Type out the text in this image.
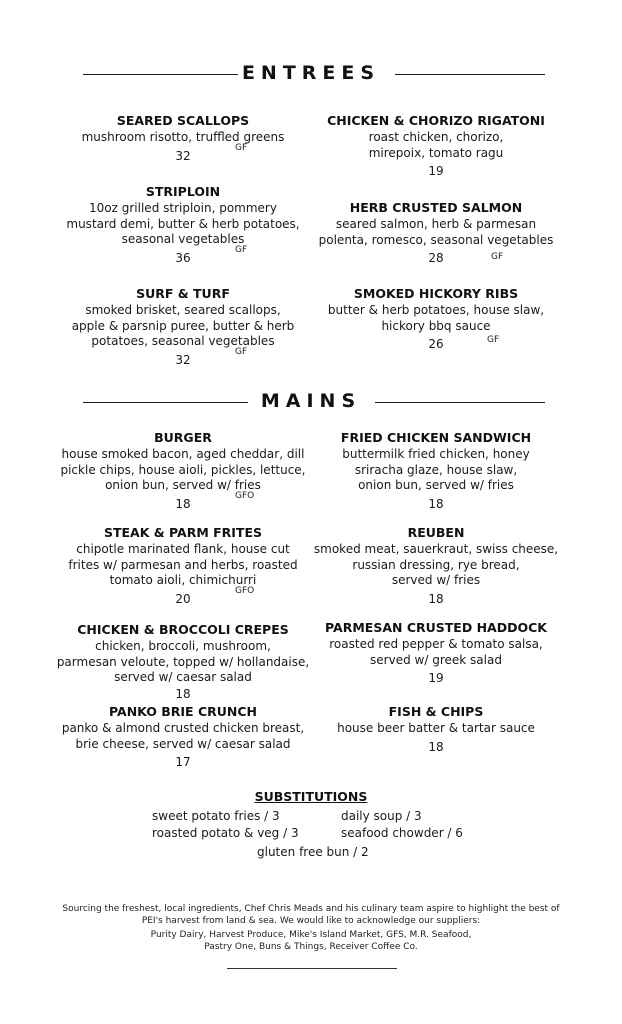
ENTREES
SEARED SCALLOPS
mushroom risotto, truffled greens
32
GF
CHICKEN & CHORIZO RIGATONI
roast chicken, chorizo,
mirepoix, tomato ragu
19
STRIPLOIN
10oz grilled striploin, pommery
mustard demi, butter & herb potatoes,
seasonal vegetables
36
GF
HERB CRUSTED SALMON
seared salmon, herb & parmesan
polenta, romesco, seasonal vegetables
28	GF
SURF & TURF
smoked brisket, seared scallops,
apple & parsnip puree, butter & herb
potatoes, seasonal vegetables
32
GF
SMOKED HICKORY RIBS
butter & herb potatoes, house slaw,
hickory bbq sauce
26	GF
MAINS
BURGER
house smoked bacon, aged cheddar, dill
pickle chips, house aioli, pickles, lettuce,
onion bun, served w/ fries
18
GFO
FRIED CHICKEN SANDWICH
buttermilk fried chicken, honey
sriracha glaze, house slaw,
onion bun, served w/ fries
18
STEAK & PARM FRITES
chipotle marinated flank, house cut
frites w/ parmesan and herbs, roasted
tomato aioli, chimichurri
20
GFO
REUBEN
smoked meat, sauerkraut, swiss cheese,
russian dressing, rye bread,
served w/ fries
18
CHICKEN & BROCCOLI CREPES
chicken, broccoli, mushroom,
parmesan veloute, topped w/ hollandaise,
served w/ caesar salad
18
PARMESAN CRUSTED HADDOCK
roasted red pepper & tomato salsa,
served w/ greek salad
19
PANKO BRIE CRUNCH
panko & almond crusted chicken breast,
brie cheese, served w/ caesar salad
17
FISH & CHIPS
house beer batter & tartar sauce
18
SUBSTITUTIONS
sweet potato fries / 3	daily soup / 3
roasted potato & veg / 3	seafood chowder / 6
gluten free bun / 2
Sourcing the freshest, local ingredients, Chef Chris Meads and his culinary team aspire to highlight the best of PEI's harvest from land & sea. We would like to acknowledge our suppliers:
Purity Dairy, Harvest Produce, Mike's Island Market, GFS, M.R. Seafood,
Pastry One, Buns & Things, Receiver Coffee Co.
